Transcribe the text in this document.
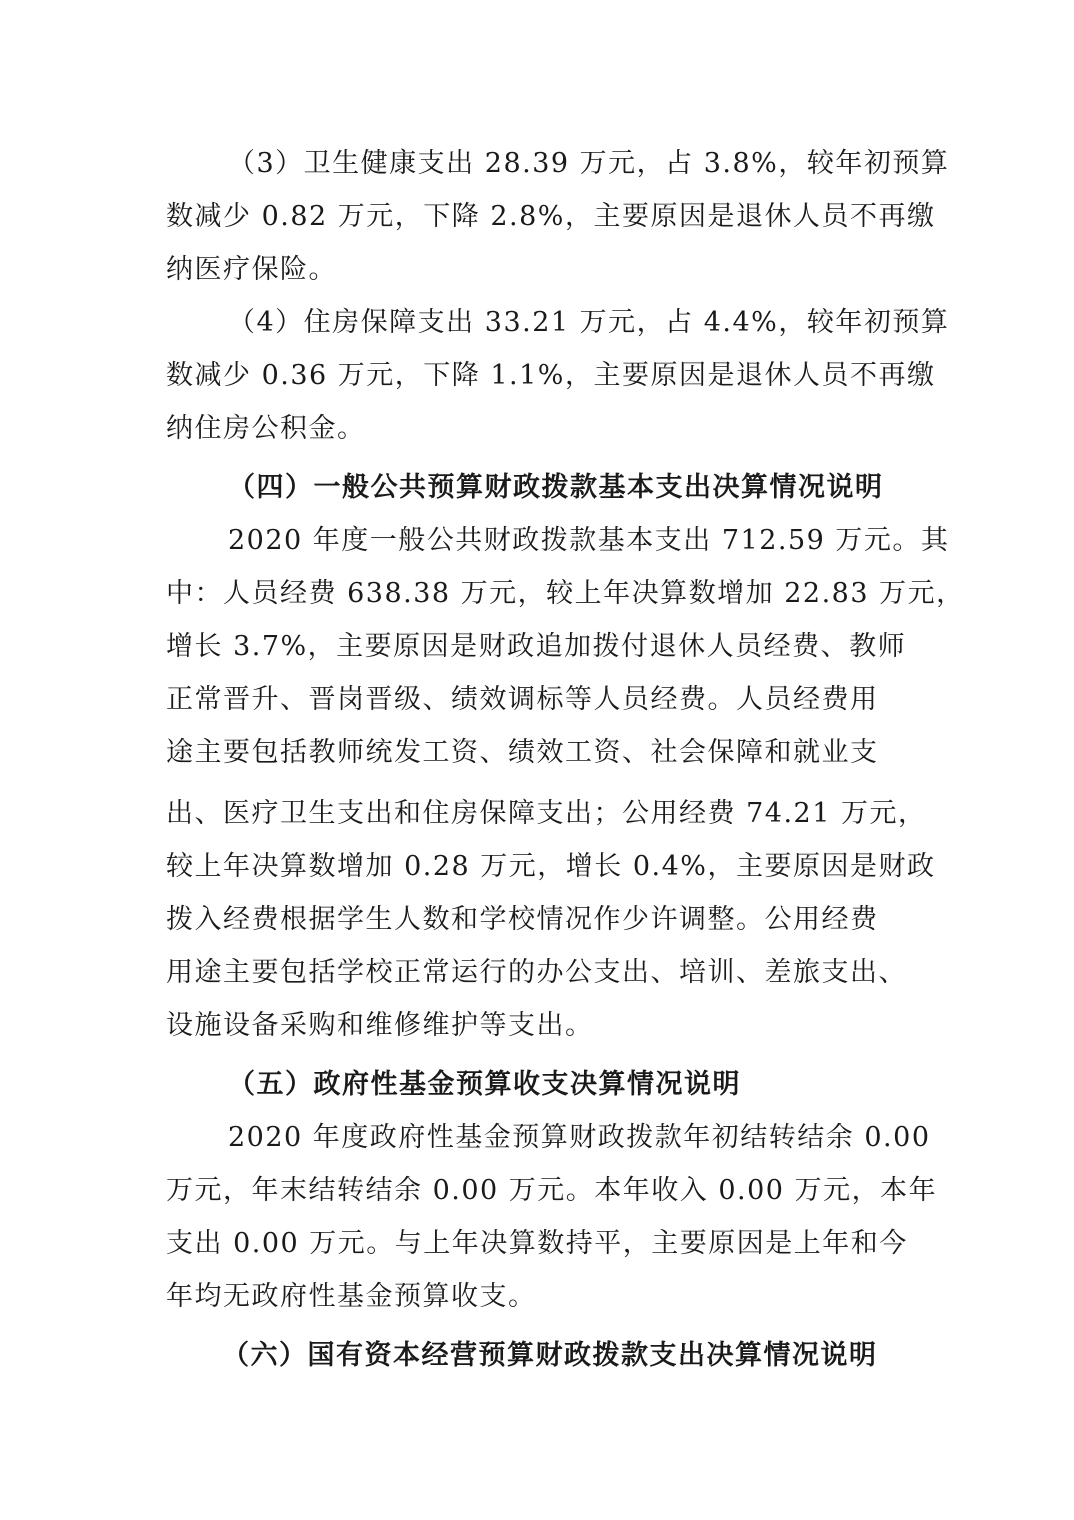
（3）卫生健康支出 28.39 万元，占 3.8%，较年初预算
数减少 0.82 万元，下降 2.8%，主要原因是退休人员不再缴
纳医疗保险。
（4）住房保障支出 33.21 万元，占 4.4%，较年初预算
数减少 0.36 万元，下降 1.1%，主要原因是退休人员不再缴
纳住房公积金。
（四）一般公共预算财政拨款基本支出决算情况说明
2020 年度一般公共财政拨款基本支出 712.59 万元。其
中：人员经费 638.38 万元，较上年决算数增加 22.83 万元，
增长 3.7%，主要原因是财政追加拨付退休人员经费、教师
正常晋升、晋岗晋级、绩效调标等人员经费。人员经费用
途主要包括教师统发工资、绩效工资、社会保障和就业支
出、医疗卫生支出和住房保障支出；公用经费 74.21 万元，
较上年决算数增加 0.28 万元，增长 0.4%，主要原因是财政
拨入经费根据学生人数和学校情况作少许调整。公用经费
用途主要包括学校正常运行的办公支出、培训、差旅支出、
设施设备采购和维修维护等支出。
（五）政府性基金预算收支决算情况说明
2020 年度政府性基金预算财政拨款年初结转结余 0.00
万元，年末结转结余 0.00 万元。本年收入 0.00 万元，本年
支出 0.00 万元。与上年决算数持平，主要原因是上年和今
年均无政府性基金预算收支。
（六）国有资本经营预算财政拨款支出决算情况说明
